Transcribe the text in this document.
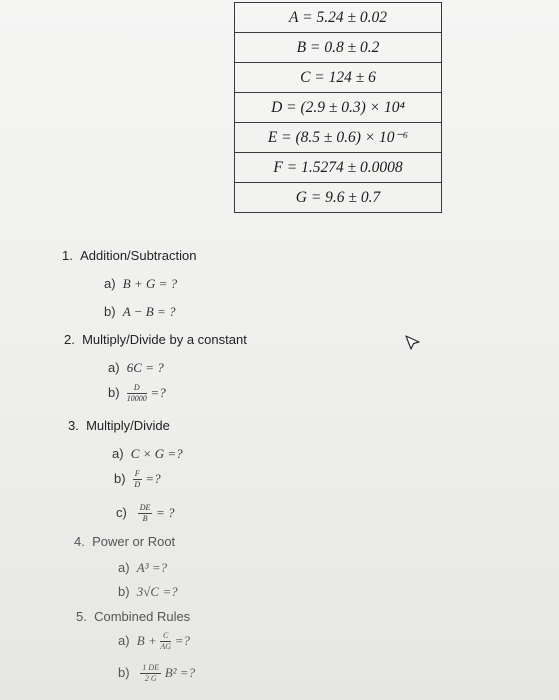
A = 5.24 ± 0.02
B = 0.8 ± 0.2
C = 124 ± 6
D = (2.9 ± 0.3) × 10⁴
E = (8.5 ± 0.6) × 10⁻⁶
F = 1.5274 ± 0.0008
G = 9.6 ± 0.7
1. Addition/Subtraction
a) B + G = ?
b) A − B = ?
2. Multiply/Divide by a constant
a) 6C = ?
$b) \frac{D}{10000}$ =?
3. Multiply/Divide
a) C × G =?
$b) \frac{F}{D}$ =?
$c) \frac{DE}{B}$ = ?
4. Power or Root
a) A³ =?
b) 3√C =?
5. Combined Rules
a) $B + \frac{C}{AG}$ =?
$b) \frac{1 DE}{2 G} B^2$ =?
